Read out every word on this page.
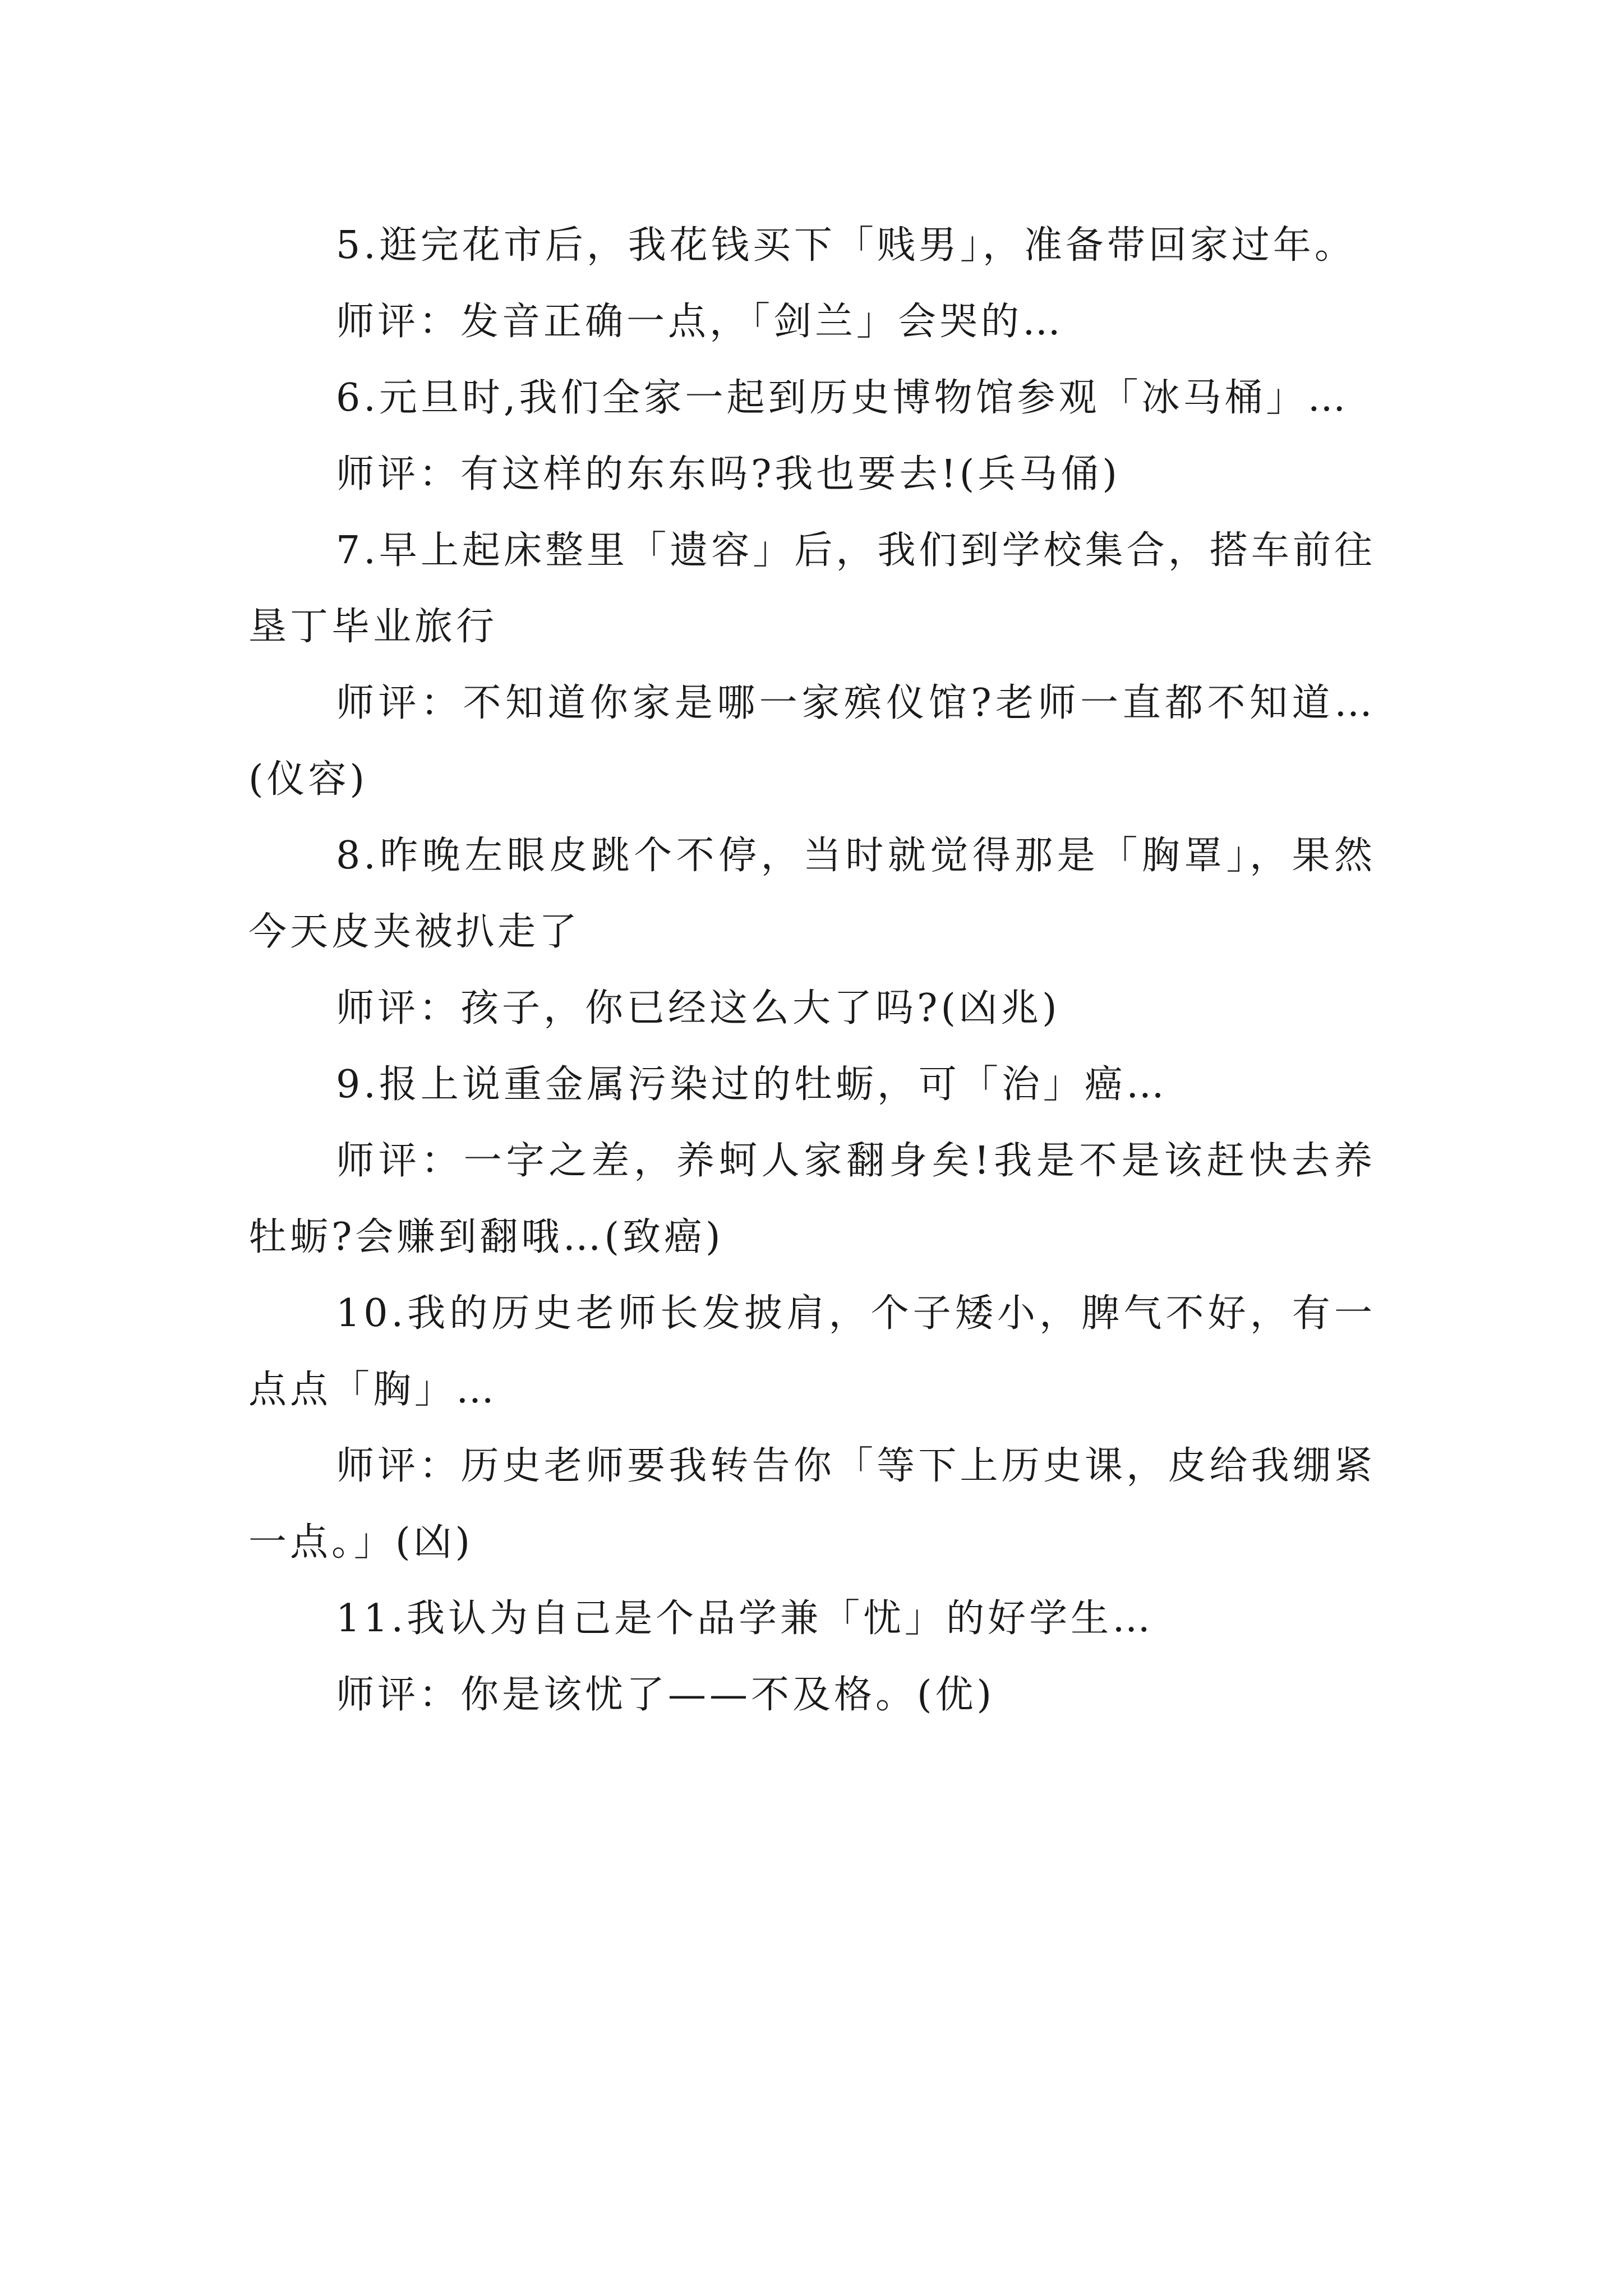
5.逛完花市后，我花钱买下「贱男」，准备带回家过年。

师评：发音正确一点，「剑兰」会哭的…

6.元旦时,我们全家一起到历史博物馆参观「冰马桶」…

师评：有这样的东东吗?我也要去!(兵马俑)

7.早上起床整里「遗容」后，我们到学校集合，搭车前往垦丁毕业旅行

师评：不知道你家是哪一家殡仪馆?老师一直都不知道…(仪容)

8.昨晚左眼皮跳个不停，当时就觉得那是「胸罩」，果然今天皮夹被扒走了

师评：孩子，你已经这么大了吗?(凶兆)

9.报上说重金属污染过的牡蛎，可「治」癌…

师评：一字之差，养蚵人家翻身矣!我是不是该赶快去养牡蛎?会赚到翻哦…(致癌)

10.我的历史老师长发披肩，个子矮小，脾气不好，有一点点「胸」…

师评：历史老师要我转告你「等下上历史课，皮给我绷紧一点。」(凶)

11.我认为自己是个品学兼「忧」的好学生…

师评：你是该忧了——不及格。(优)
